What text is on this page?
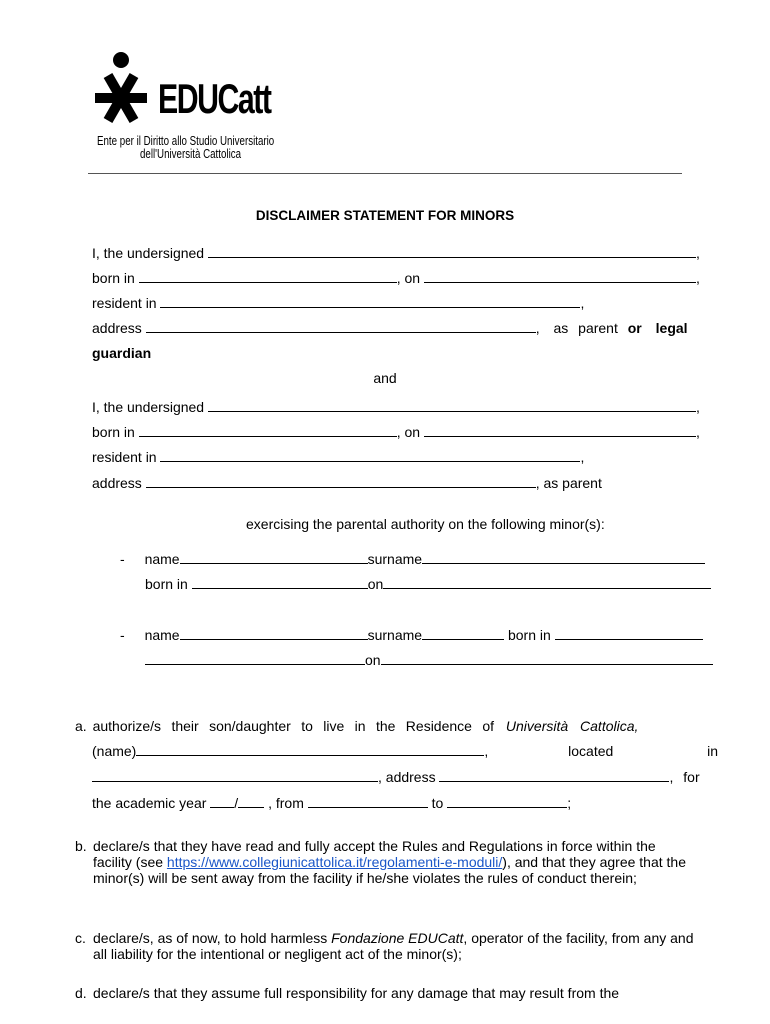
EDUCatt
Ente per il Diritto allo Studio Universitario
dell'Università Cattolica
DISCLAIMER STATEMENT FOR MINORS
I, the undersigned	,
born in	, on	,
resident in	,
address	, as parent or legal
guardian
and
I, the undersigned	,
born in	, on	,
resident in	,
address	, as parent
exercising the parental authority on the following minor(s):
- name	surname
born in	on
- name	surname	born in
on
a. authorize/s their son/daughter to live in the Residence of Università Cattolica,
(name)	,	located	in
, address	, for
the academic year / , from	to	;
b. declare/s that they have read and fully accept the Rules and Regulations in force within the facility (see https://www.collegiunicattolica.it/regolamenti-e-moduli/), and that they agree that the minor(s) will be sent away from the facility if he/she violates the rules of conduct therein;
c. declare/s, as of now, to hold harmless Fondazione EDUCatt, operator of the facility, from any and all liability for the intentional or negligent act of the minor(s);
d. declare/s that they assume full responsibility for any damage that may result from the
